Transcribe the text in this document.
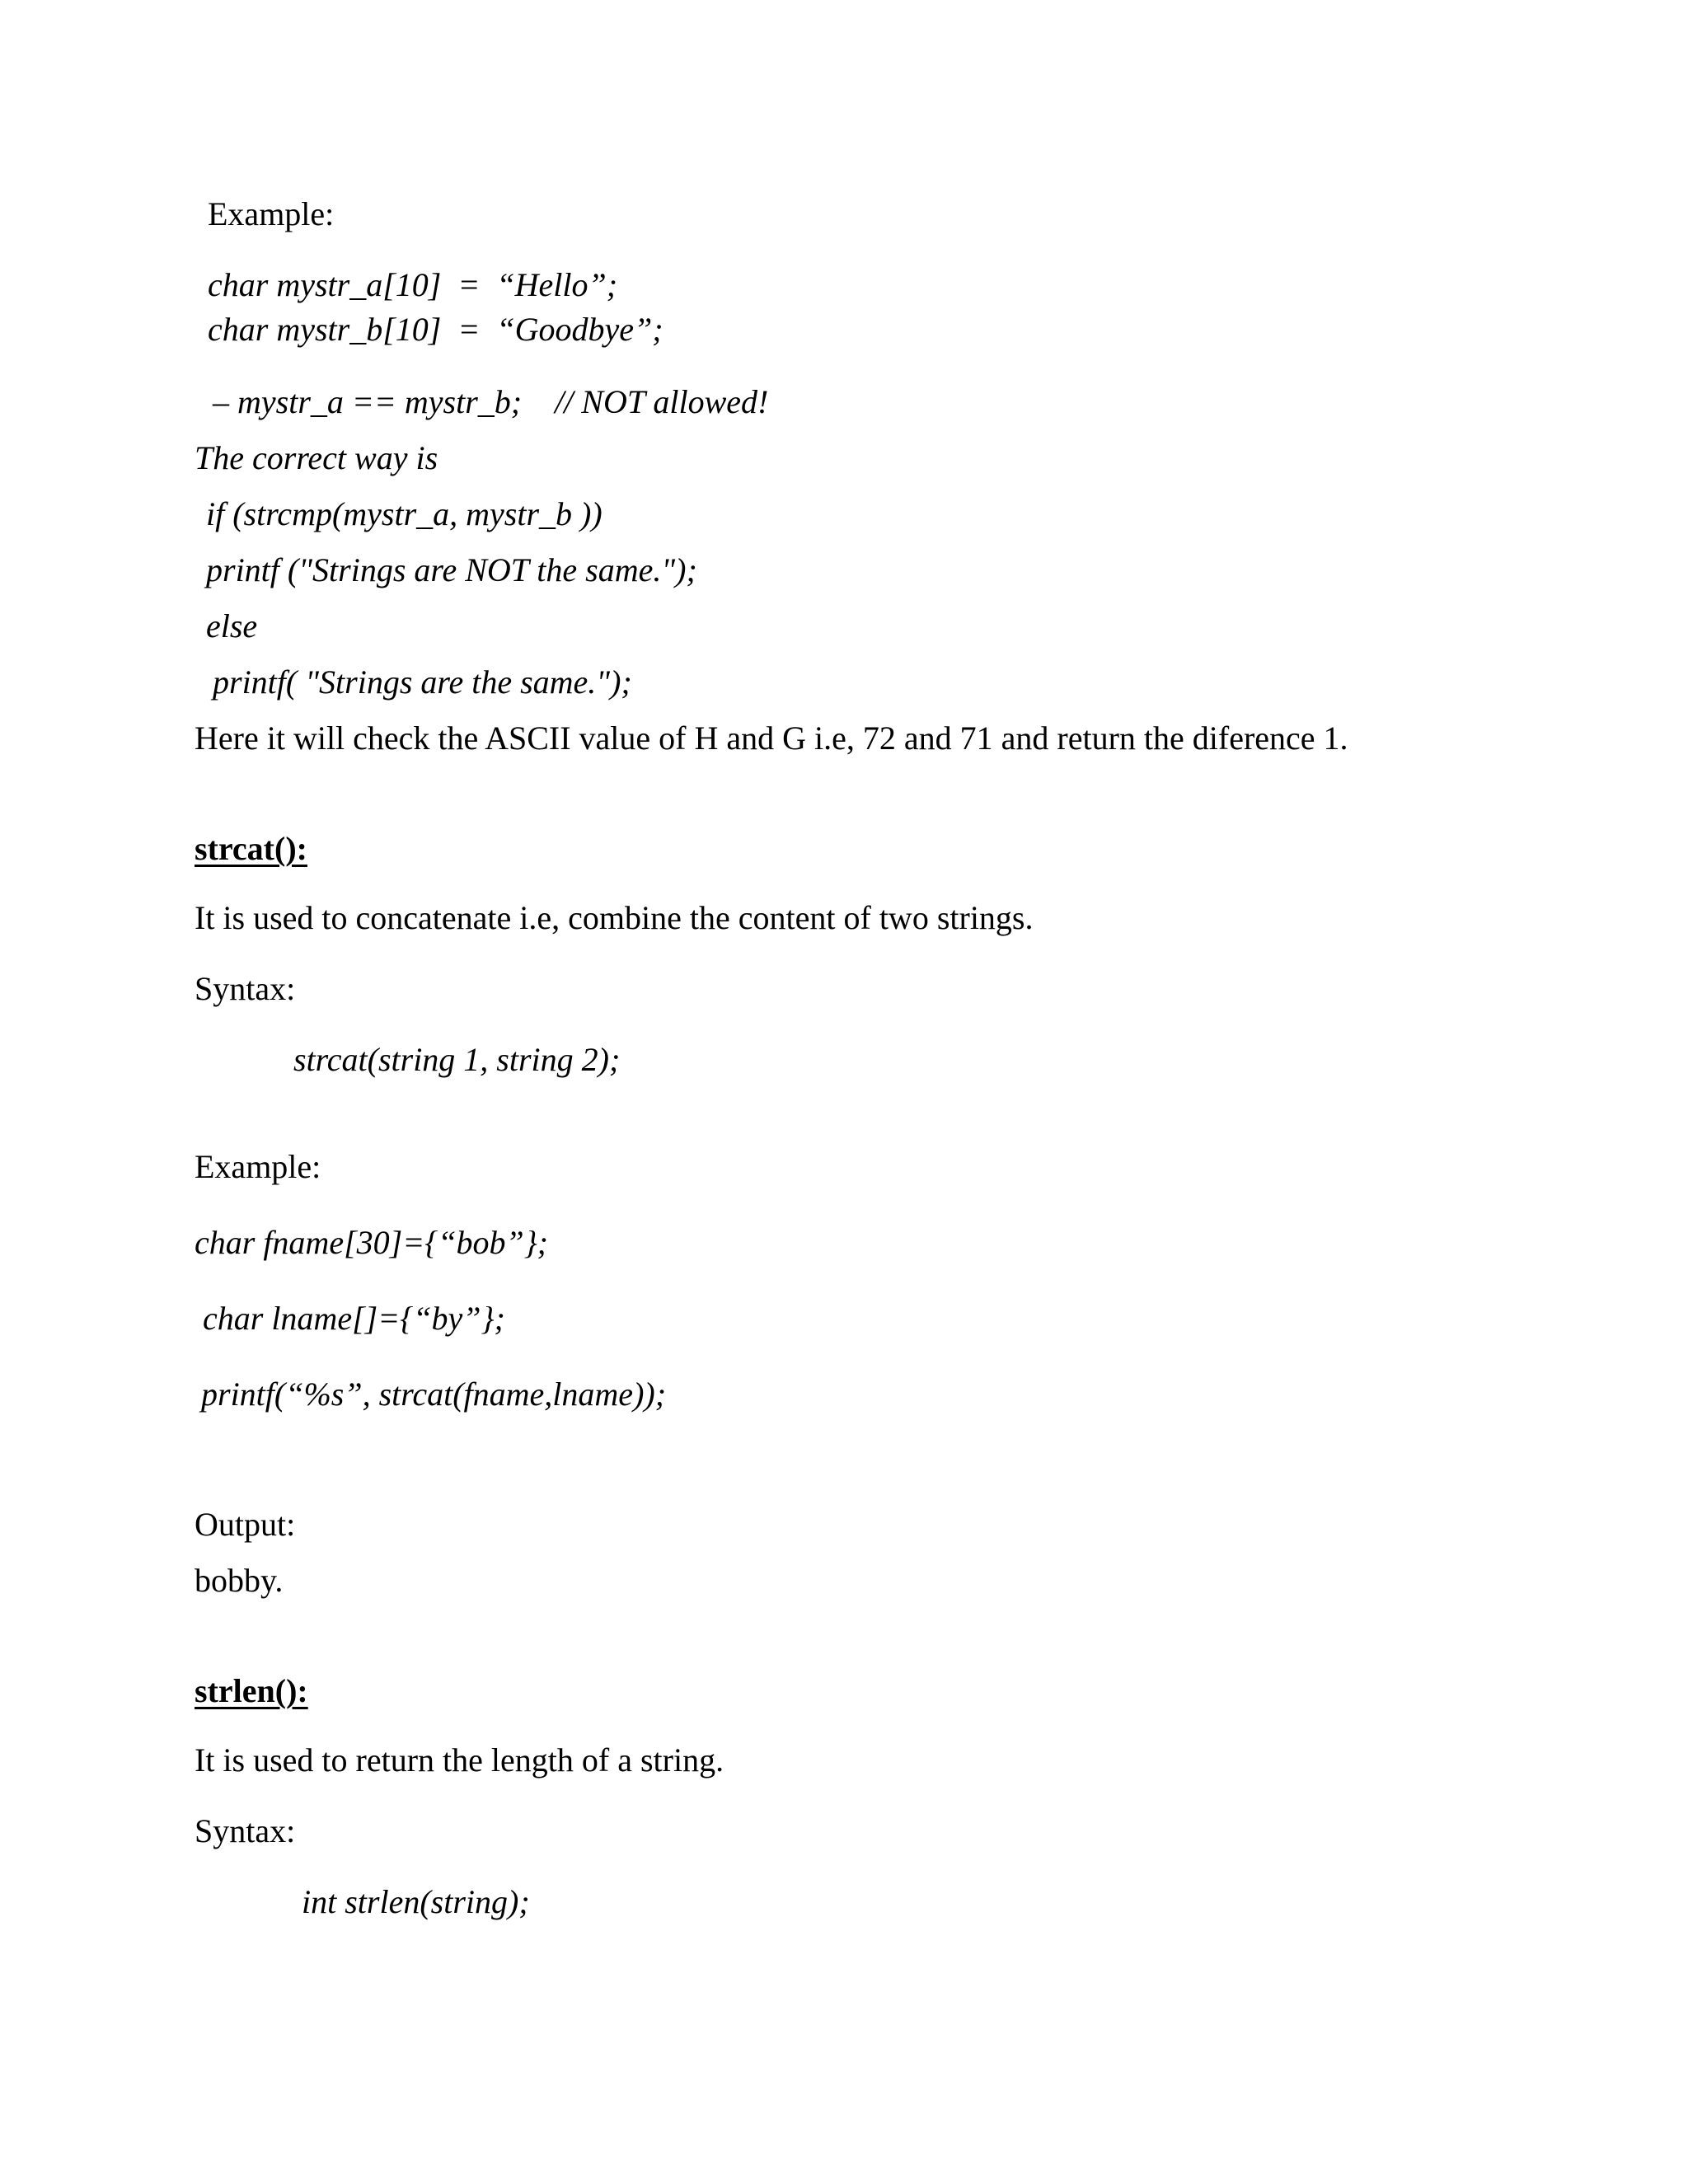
Example:

char mystr_a[10]  =  “Hello”;

char mystr_b[10]  =  “Goodbye”;

– mystr_a == mystr_b;    // NOT allowed!

The correct way is

if (strcmp(mystr_a, mystr_b ))

printf ("Strings are NOT the same.");

else

printf( "Strings are the same.");

Here it will check the ASCII value of H and G i.e, 72 and 71 and return the diference 1.

strcat():

It is used to concatenate i.e, combine the content of two strings.

Syntax:

strcat(string 1, string 2);

Example:

char fname[30]={“bob”};

char lname[]={“by”};

printf(“%s”, strcat(fname,lname));

Output:

bobby.

strlen():

It is used to return the length of a string.

Syntax:

int strlen(string);
